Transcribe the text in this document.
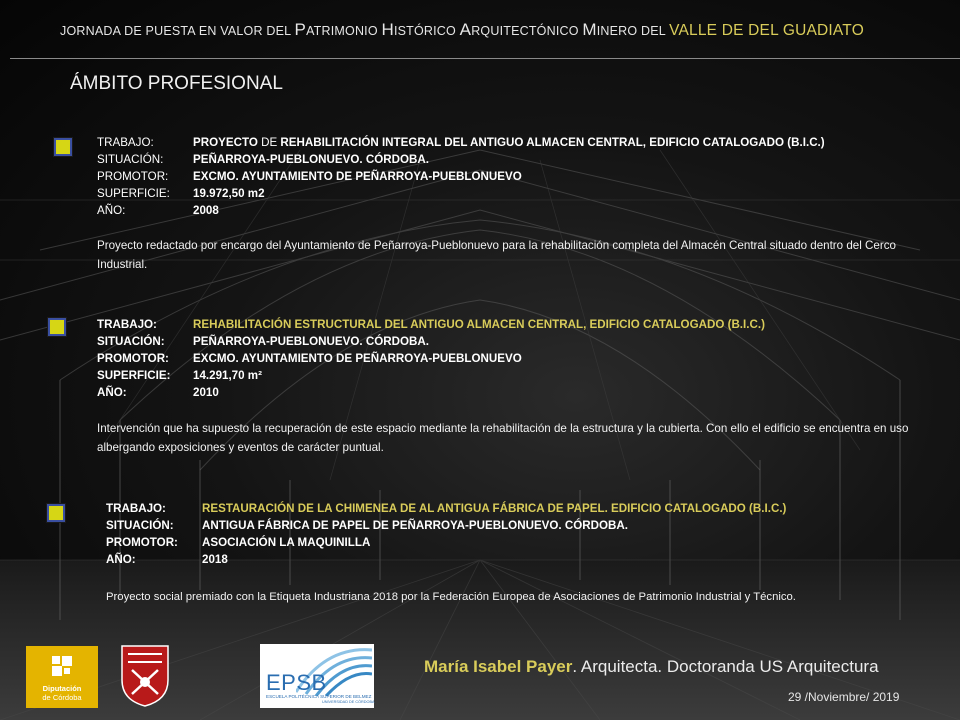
JORNADA DE PUESTA EN VALOR DEL PATRIMONIO HISTÓRICO ARQUITECTÓNICO MINERO DEL VALLE DE DEL GUADIATO
ÁMBITO PROFESIONAL
TRABAJO:	PROYECTO DE REHABILITACIÓN INTEGRAL DEL ANTIGUO ALMACEN CENTRAL, EDIFICIO CATALOGADO (B.I.C.)
SITUACIÓN:	PEÑARROYA-PUEBLONUEVO. CÓRDOBA.
PROMOTOR:	EXCMO. AYUNTAMIENTO DE PEÑARROYA-PUEBLONUEVO
SUPERFICIE:	19.972,50 m2
AÑO:	2008
Proyecto redactado por encargo del Ayuntamiento de Peñarroya-Pueblonuevo para la rehabilitación completa del Almacén Central situado dentro del Cerco Industrial.
TRABAJO:	REHABILITACIÓN ESTRUCTURAL DEL ANTIGUO ALMACEN CENTRAL, EDIFICIO CATALOGADO (B.I.C.)
SITUACIÓN:	PEÑARROYA-PUEBLONUEVO. CÓRDOBA.
PROMOTOR:	EXCMO. AYUNTAMIENTO DE PEÑARROYA-PUEBLONUEVO
SUPERFICIE:	14.291,70 m²
AÑO:	2010
Intervención que ha supuesto la recuperación de este espacio mediante la rehabilitación de la estructura y la cubierta. Con ello el edificio se encuentra en uso albergando exposiciones y eventos de carácter puntual.
TRABAJO:	RESTAURACIÓN DE LA CHIMENEA DE AL ANTIGUA FÁBRICA DE PAPEL. EDIFICIO CATALOGADO (B.I.C.)
SITUACIÓN:	ANTIGUA FÁBRICA DE PAPEL DE PEÑARROYA-PUEBLONUEVO. CÓRDOBA.
PROMOTOR:	ASOCIACIÓN LA MAQUINILLA
AÑO:	2018
Proyecto social premiado con la Etiqueta Industriana 2018 por la Federación Europea de Asociaciones de Patrimonio Industrial y Técnico.
Diputación
de Córdoba
EPSB
ESCUELA POLITÉCNICA SUPERIOR DE BELMEZ
UNIVERSIDAD DE CÓRDOBA
María Isabel Payer. Arquitecta. Doctoranda US Arquitectura
29 /Noviembre/ 2019
